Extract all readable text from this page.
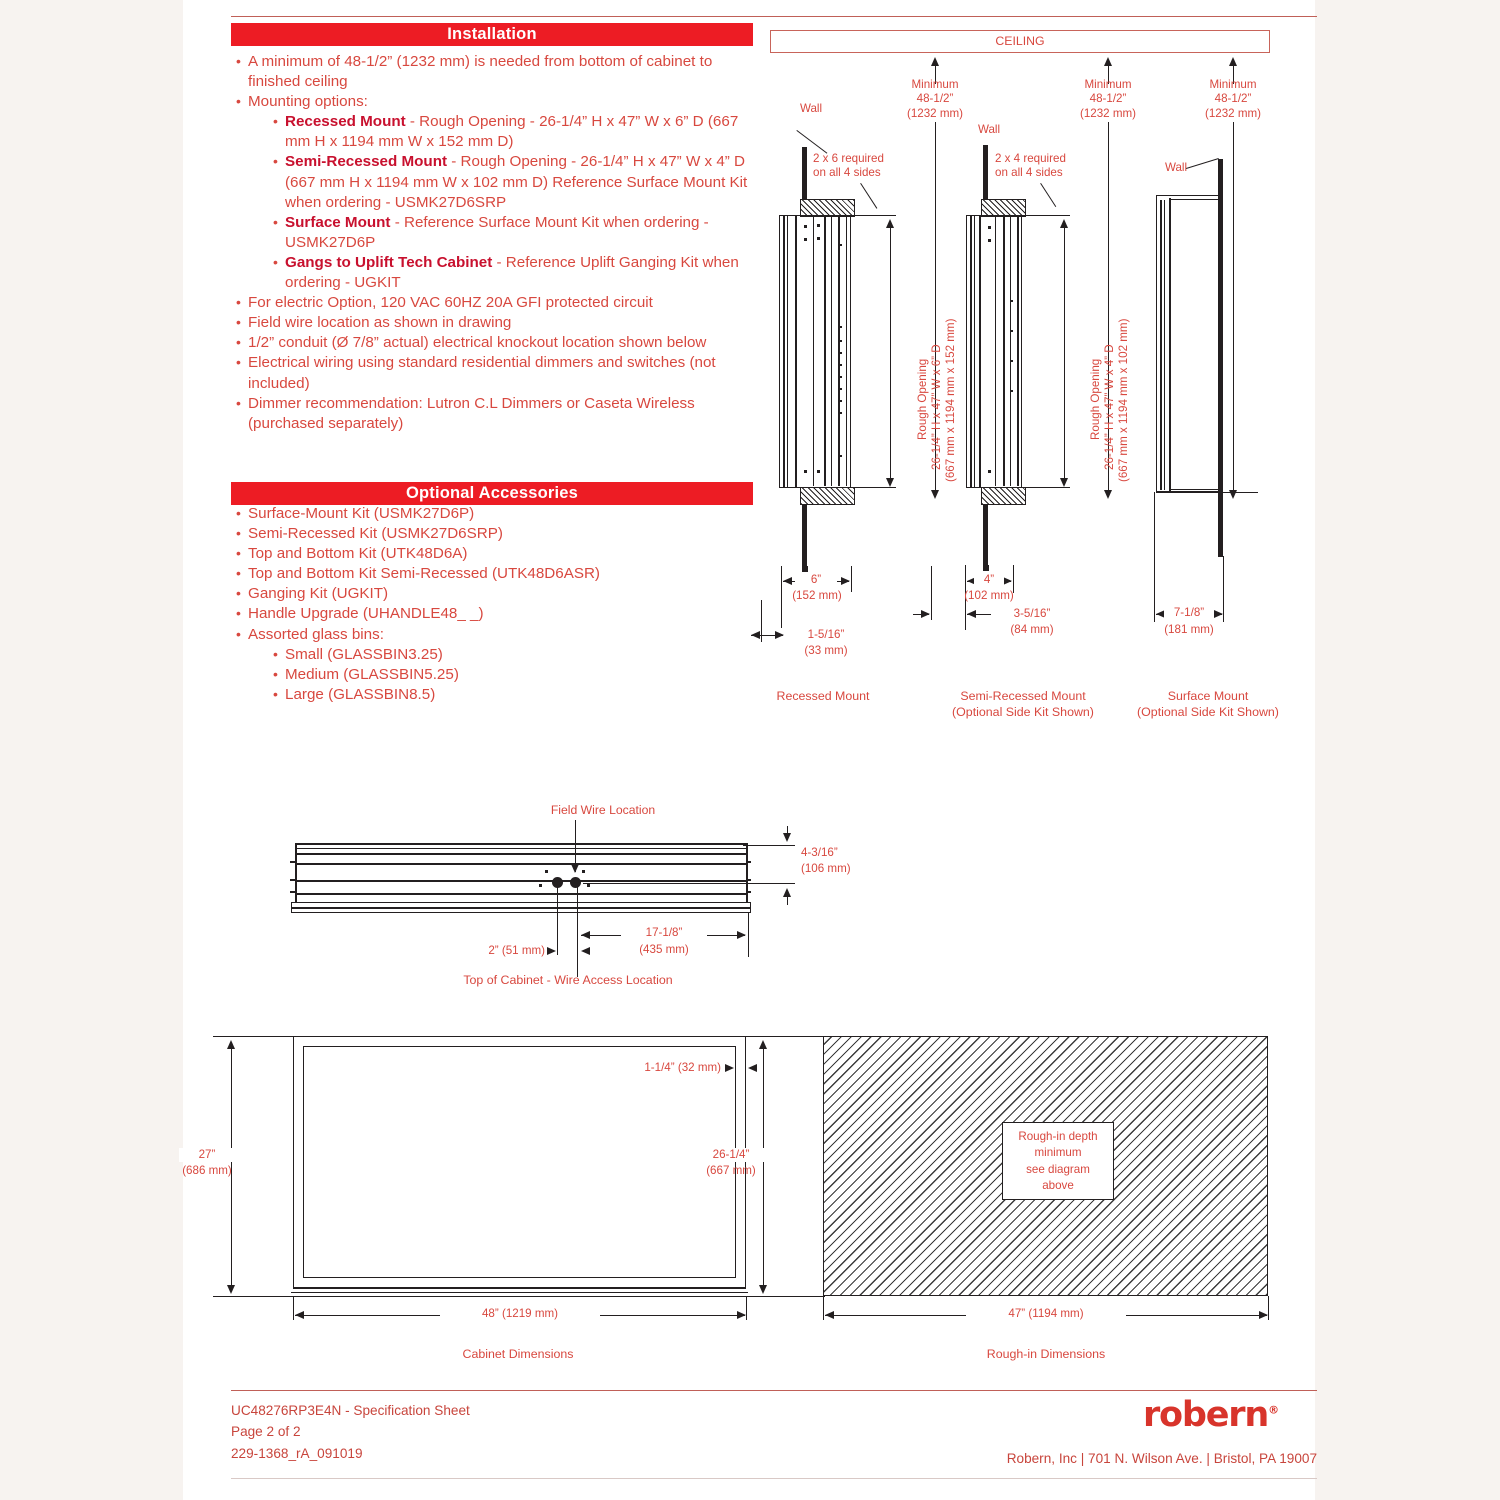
Installation
• A minimum of 48-1/2” (1232 mm) is needed from bottom of cabinet to finished ceiling
• Mounting options:
• Recessed Mount - Rough Opening - 26-1/4” H x 47” W x 6” D (667 mm H x 1194 mm W x 152 mm D)
• Semi-Recessed Mount - Rough Opening - 26-1/4” H x 47” W x 4” D (667 mm H x 1194 mm W x 102 mm D) Reference Surface Mount Kit when ordering - USMK27D6SRP
• Surface Mount - Reference Surface Mount Kit when ordering - USMK27D6P
• Gangs to Uplift Tech Cabinet - Reference Uplift Ganging Kit when ordering - UGKIT
• For electric Option, 120 VAC 60HZ 20A GFI protected circuit
• Field wire location as shown in drawing
• 1/2” conduit (Ø 7/8” actual) electrical knockout location shown below
• Electrical wiring using standard residential dimmers and switches (not included)
• Dimmer recommendation: Lutron C.L Dimmers or Caseta Wireless (purchased separately)
Optional Accessories
• Surface-Mount Kit (USMK27D6P)
• Semi-Recessed Kit (USMK27D6SRP)
• Top and Bottom Kit (UTK48D6A)
• Top and Bottom Kit Semi-Recessed (UTK48D6ASR)
• Ganging Kit (UGKIT)
• Handle Upgrade (UHANDLE48_ _)
• Assorted glass bins:
• Small (GLASSBIN3.25)
• Medium (GLASSBIN5.25)
• Large (GLASSBIN8.5)
CEILING
Minimum
48-1/2”
(1232 mm)
Minimum
48-1/2”
(1232 mm)
Minimum
48-1/2”
(1232 mm)
Wall
2 x 6 required
on all 4 sides
Rough Opening 26-1/4” H x 47” W x 6” D (667 mm x 1194 mm x 152 mm)
6”
(152 mm)
1-5/16”
(33 mm)
Recessed Mount
Wall
2 x 4 required
on all 4 sides
Rough Opening 26-1/4” H x 47” W x 4” D (667 mm x 1194 mm x 102 mm)
4”
(102 mm)
3-5/16”
(84 mm)
Semi-Recessed Mount
(Optional Side Kit Shown)
Wall
7-1/8”
(181 mm)
Surface Mount
(Optional Side Kit Shown)
Field Wire Location
4-3/16”
(106 mm)
17-1/8”
(435 mm)
2” (51 mm)
Top of Cabinet - Wire Access Location
27”
(686 mm)
48” (1219 mm)
1-1/4” (32 mm)
Cabinet Dimensions
Rough-in depth
minimum
see diagram
above
26-1/4”
(667 mm)
47” (1194 mm)
Rough-in Dimensions
UC48276RP3E4N - Specification Sheet
Page 2 of 2
229-1368_rA_091019
robern®
Robern, Inc | 701 N. Wilson Ave. | Bristol, PA 19007
